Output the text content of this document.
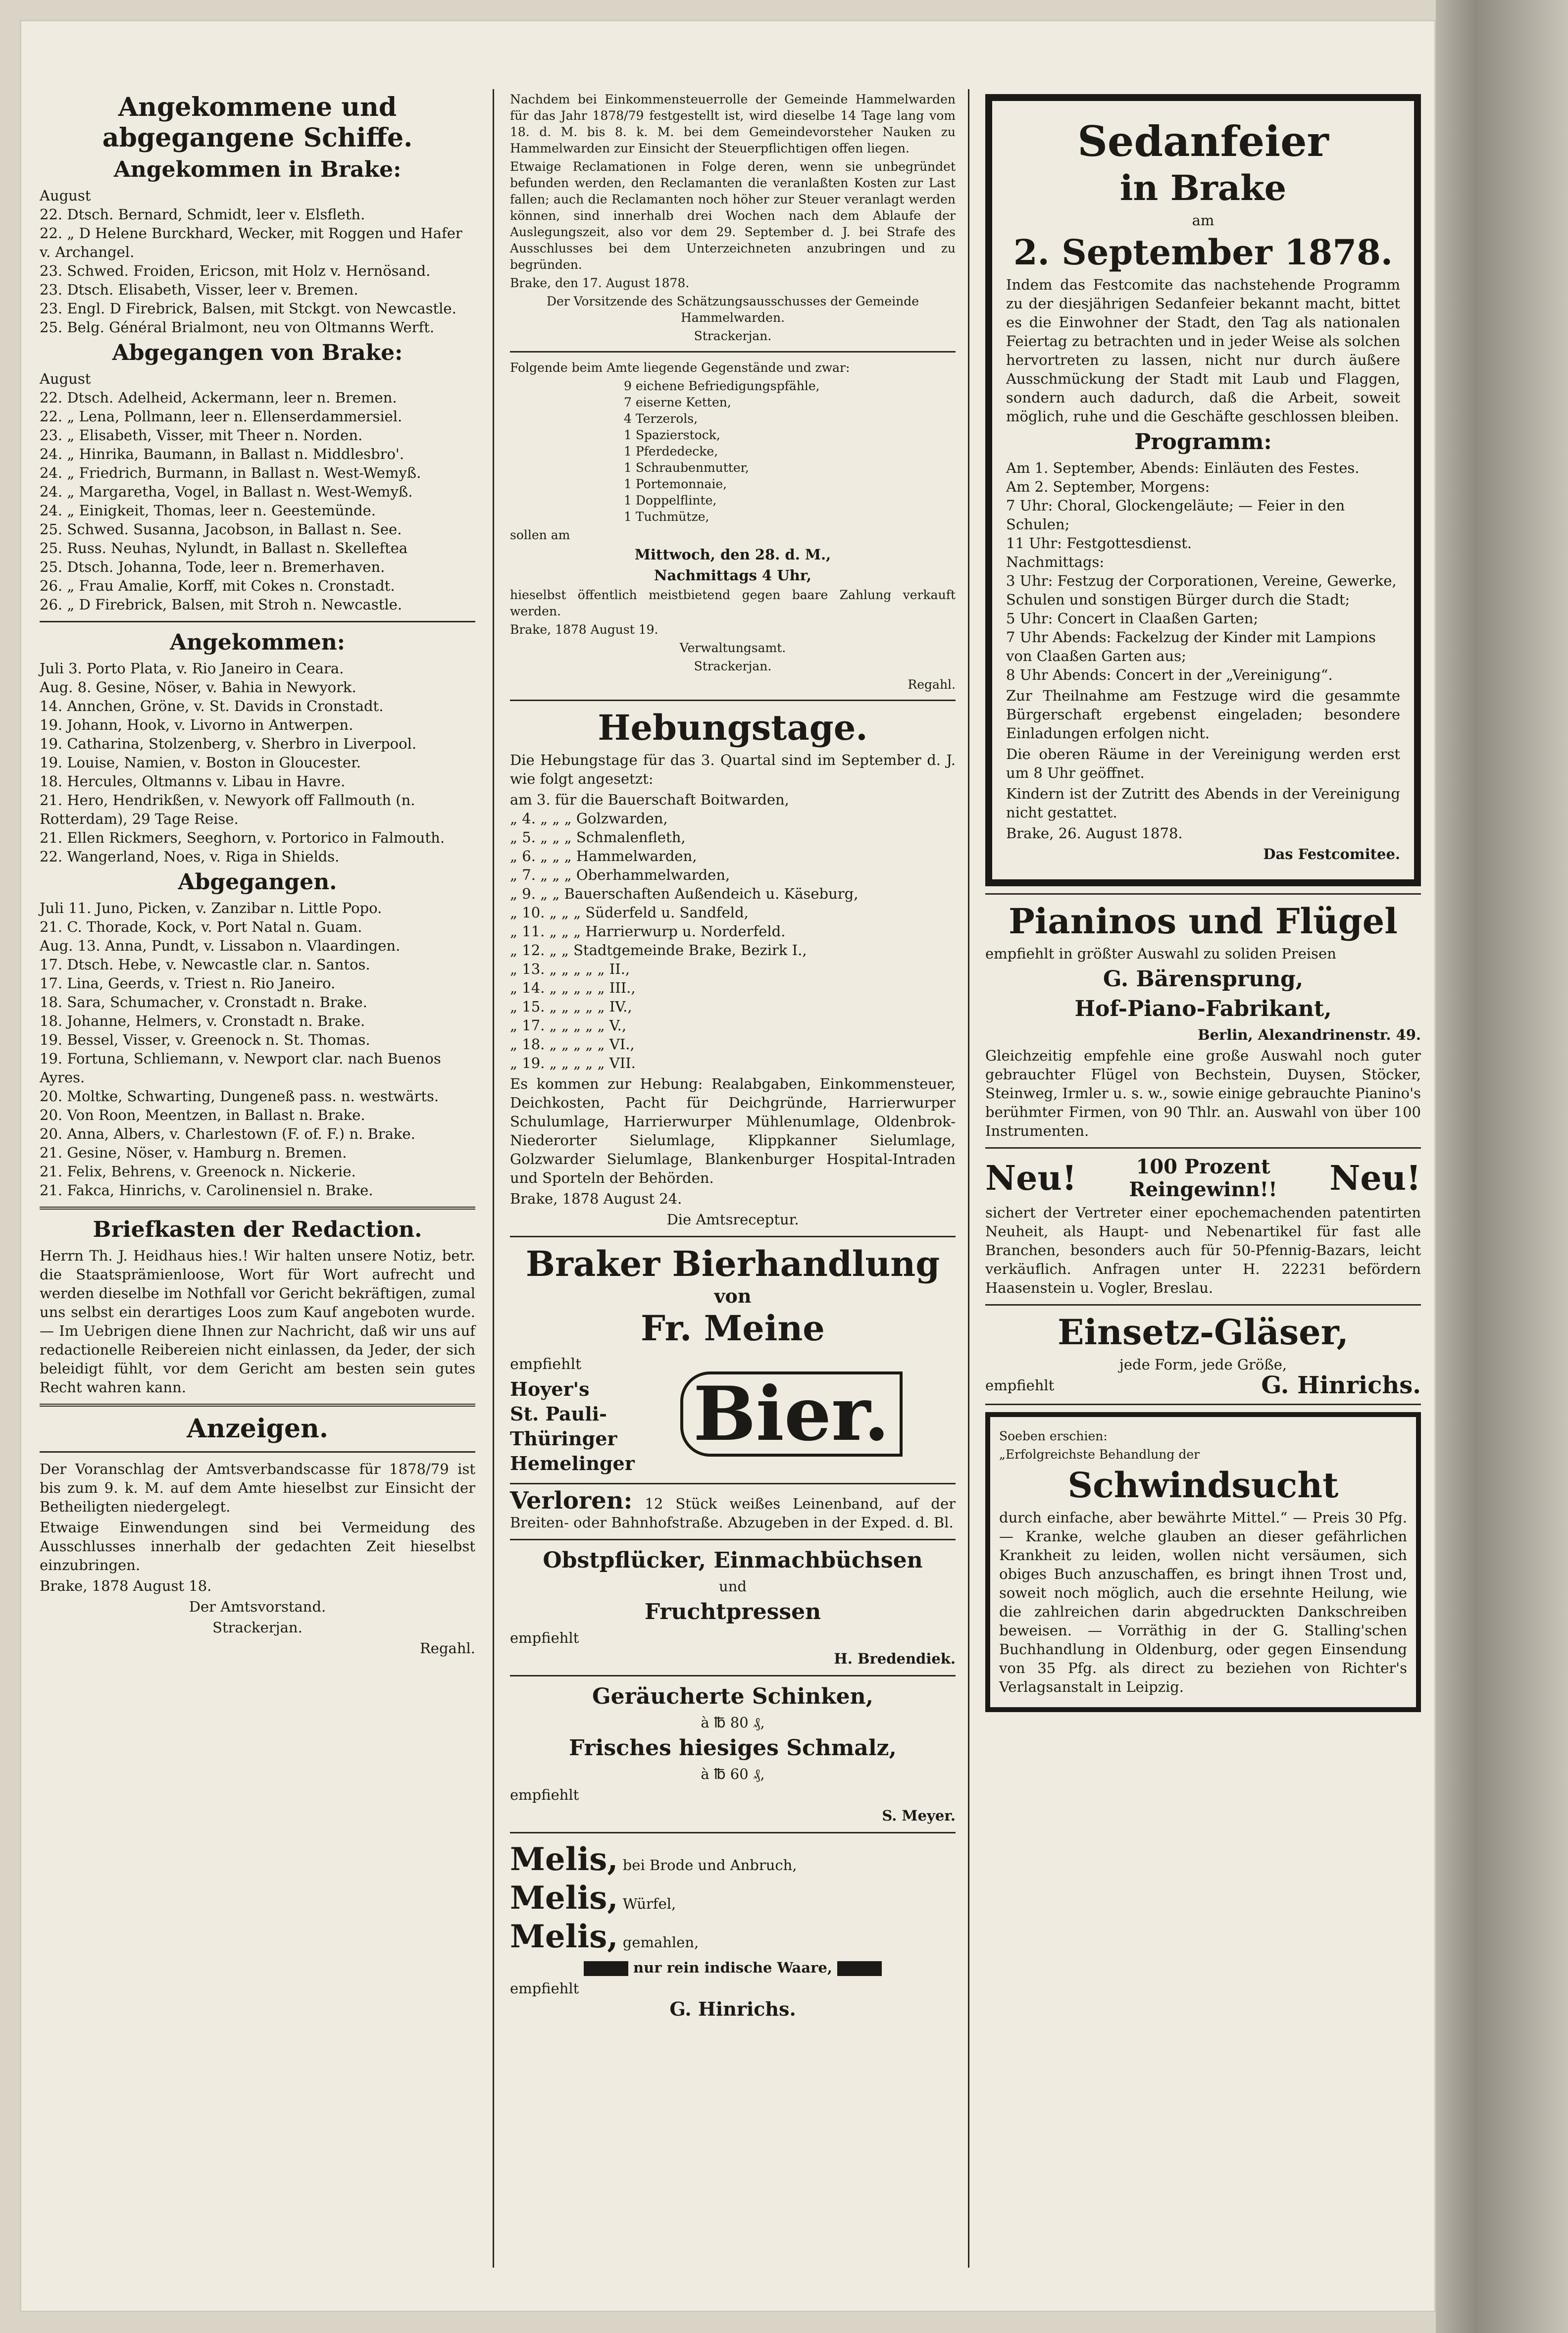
Angekommene und abgegangene Schiffe.
Angekommen in Brake:
August
22. Dtsch. Bernard, Schmidt, leer v. Elsfleth.
22. „ D Helene Burckhard, Wecker, mit Roggen und Hafer v. Archangel.
23. Schwed. Froiden, Ericson, mit Holz v. Hernösand.
23. Dtsch. Elisabeth, Visser, leer v. Bremen.
23. Engl. D Firebrick, Balsen, mit Stckgt. von Newcastle.
25. Belg. Général Brialmont, neu von Oltmanns Werft.
Abgegangen von Brake:
August
22. Dtsch. Adelheid, Ackermann, leer n. Bremen.
22. „ Lena, Pollmann, leer n. Ellenserdammersiel.
23. „ Elisabeth, Visser, mit Theer n. Norden.
24. „ Hinrika, Baumann, in Ballast n. Middlesbro'.
24. „ Friedrich, Burmann, in Ballast n. West-Wemyß.
24. „ Margaretha, Vogel, in Ballast n. West-Wemyß.
24. „ Einigkeit, Thomas, leer n. Geestemünde.
25. Schwed. Susanna, Jacobson, in Ballast n. See.
25. Russ. Neuhas, Nylundt, in Ballast n. Skelleftea
25. Dtsch. Johanna, Tode, leer n. Bremerhaven.
26. „ Frau Amalie, Korff, mit Cokes n. Cronstadt.
26. „ D Firebrick, Balsen, mit Stroh n. Newcastle.
Angekommen:
Juli 3. Porto Plata, v. Rio Janeiro in Ceara.
Aug. 8. Gesine, Nöser, v. Bahia in Newyork.
14. Annchen, Gröne, v. St. Davids in Cronstadt.
19. Johann, Hook, v. Livorno in Antwerpen.
19. Catharina, Stolzenberg, v. Sherbro in Liverpool.
19. Louise, Namien, v. Boston in Gloucester.
18. Hercules, Oltmanns v. Libau in Havre.
21. Hero, Hendrikßen, v. Newyork off Fallmouth (n. Rotterdam), 29 Tage Reise.
21. Ellen Rickmers, Seeghorn, v. Portorico in Falmouth.
22. Wangerland, Noes, v. Riga in Shields.
Abgegangen.
Juli 11. Juno, Picken, v. Zanzibar n. Little Popo.
21. C. Thorade, Kock, v. Port Natal n. Guam.
Aug. 13. Anna, Pundt, v. Lissabon n. Vlaardingen.
17. Dtsch. Hebe, v. Newcastle clar. n. Santos.
17. Lina, Geerds, v. Triest n. Rio Janeiro.
18. Sara, Schumacher, v. Cronstadt n. Brake.
18. Johanne, Helmers, v. Cronstadt n. Brake.
19. Bessel, Visser, v. Greenock n. St. Thomas.
19. Fortuna, Schliemann, v. Newport clar. nach Buenos Ayres.
20. Moltke, Schwarting, Dungeneß pass. n. westwärts.
20. Von Roon, Meentzen, in Ballast n. Brake.
20. Anna, Albers, v. Charlestown (F. of. F.) n. Brake.
21. Gesine, Nöser, v. Hamburg n. Bremen.
21. Felix, Behrens, v. Greenock n. Nickerie.
21. Fakca, Hinrichs, v. Carolinensiel n. Brake.
Briefkasten der Redaction.

Herrn Th. J. Heidhaus hies.! Wir halten unsere Notiz, betr. die Staatsprämienloose, Wort für Wort aufrecht und werden dieselbe im Nothfall vor Gericht bekräftigen, zumal uns selbst ein derartiges Loos zum Kauf angeboten wurde. — Im Uebrigen diene Ihnen zur Nachricht, daß wir uns auf redactionelle Reibereien nicht einlassen, da Jeder, der sich beleidigt fühlt, vor dem Gericht am besten sein gutes Recht wahren kann.

Anzeigen.

Der Voranschlag der Amtsverbandscasse für 1878/79 ist bis zum 9. k. M. auf dem Amte hieselbst zur Einsicht der Betheiligten niedergelegt.

Etwaige Einwendungen sind bei Vermeidung des Ausschlusses innerhalb der gedachten Zeit hieselbst einzubringen.

Brake, 1878 August 18.

Der Amtsvorstand.

Strackerjan.

Regahl.

Nachdem bei Einkommensteuerrolle der Gemeinde Hammelwarden für das Jahr 1878/79 festgestellt ist, wird dieselbe 14 Tage lang vom 18. d. M. bis 8. k. M. bei dem Gemeindevorsteher Nauken zu Hammelwarden zur Einsicht der Steuerpflichtigen offen liegen.

Etwaige Reclamationen in Folge deren, wenn sie unbegründet befunden werden, den Reclamanten die veranlaßten Kosten zur Last fallen; auch die Reclamanten noch höher zur Steuer veranlagt werden können, sind innerhalb drei Wochen nach dem Ablaufe der Auslegungszeit, also vor dem 29. September d. J. bei Strafe des Ausschlusses bei dem Unterzeichneten anzubringen und zu begründen.

Brake, den 17. August 1878.

Der Vorsitzende des Schätzungsausschusses der Gemeinde Hammelwarden.

Strackerjan.

Folgende beim Amte liegende Gegenstände und zwar:

9 eichene Befriedigungspfähle,
7 eiserne Ketten,
4 Terzerols,
1 Spazierstock,
1 Pferdedecke,
1 Schraubenmutter,
1 Portemonnaie,
1 Doppelflinte,
1 Tuchmütze,

sollen am

Mittwoch, den 28. d. M.,

Nachmittags 4 Uhr,

hieselbst öffentlich meistbietend gegen baare Zahlung verkauft werden.

Brake, 1878 August 19.

Verwaltungsamt.

Strackerjan.

Regahl.

Hebungstage.

Die Hebungstage für das 3. Quartal sind im September d. J. wie folgt angesetzt:

am 3. für die Bauerschaft Boitwarden,
„ 4. „ „ „ Golzwarden,
„ 5. „ „ „ Schmalenfleth,
„ 6. „ „ „ Hammelwarden,
„ 7. „ „ „ Oberhammelwarden,
„ 9. „ „ Bauerschaften Außendeich u. Käseburg,
„ 10. „ „ „ Süderfeld u. Sandfeld,
„ 11. „ „ „ Harrierwurp u. Norderfeld.
„ 12. „ „ Stadtgemeinde Brake, Bezirk I.,
„ 13. „ „ „ „ „ II.,
„ 14. „ „ „ „ „ III.,
„ 15. „ „ „ „ „ IV.,
„ 17. „ „ „ „ „ V.,
„ 18. „ „ „ „ „ VI.,
„ 19. „ „ „ „ „ VII.

Es kommen zur Hebung: Realabgaben, Einkommensteuer, Deichkosten, Pacht für Deichgründe, Harrierwurper Schulumlage, Harrierwurper Mühlenumlage, Oldenbrok-Niederorter Sielumlage, Klippkanner Sielumlage, Golzwarder Sielumlage, Blankenburger Hospital-Intraden und Sporteln der Behörden.

Brake, 1878 August 24.

Die Amtsreceptur.

Braker Bierhandlung

von

Fr. Meine
empfiehlt
Hoyer's
St. Pauli-
Thüringer
Hemelinger
Bier.

Verloren: 12 Stück weißes Leinenband, auf der Breiten- oder Bahnhofstraße. Abzugeben in der Exped. d. Bl.

Obstpflücker, Einmachbüchsen

und

Fruchtpressen

empfiehlt

H. Bredendiek.

Geräucherte Schinken,

à ℔ 80 ₰,

Frisches hiesiges Schmalz,

à ℔ 60 ₰,

empfiehlt

S. Meyer.

Melis, bei Brode und Anbruch,
Melis, Würfel,
Melis, gemahlen,

nur rein indische Waare,

empfiehlt

G. Hinrichs.

Sedanfeier
in Brake

am

2. September 1878.

Indem das Festcomite das nachstehende Programm zu der diesjährigen Sedanfeier bekannt macht, bittet es die Einwohner der Stadt, den Tag als nationalen Feiertag zu betrachten und in jeder Weise als solchen hervortreten zu lassen, nicht nur durch äußere Ausschmückung der Stadt mit Laub und Flaggen, sondern auch dadurch, daß die Arbeit, soweit möglich, ruhe und die Geschäfte geschlossen bleiben.

Programm:
Am 1. September, Abends: Einläuten des Festes.
Am 2. September, Morgens:
7 Uhr: Choral, Glockengeläute; — Feier in den Schulen;
11 Uhr: Festgottesdienst.
Nachmittags:
3 Uhr: Festzug der Corporationen, Vereine, Gewerke, Schulen und sonstigen Bürger durch die Stadt;
5 Uhr: Concert in Claaßen Garten;
7 Uhr Abends: Fackelzug der Kinder mit Lampions von Claaßen Garten aus;
8 Uhr Abends: Concert in der „Vereinigung“.

Zur Theilnahme am Festzuge wird die gesammte Bürgerschaft ergebenst eingeladen; besondere Einladungen erfolgen nicht.

Die oberen Räume in der Vereinigung werden erst um 8 Uhr geöffnet.

Kindern ist der Zutritt des Abends in der Vereinigung nicht gestattet.

Brake, 26. August 1878.

Das Festcomitee.

Pianinos und Flügel

empfiehlt in größter Auswahl zu soliden Preisen

G. Bärensprung,
Hof-Piano-Fabrikant,

Berlin, Alexandrinenstr. 49.

Gleichzeitig empfehle eine große Auswahl noch guter gebrauchter Flügel von Bechstein, Duysen, Stöcker, Steinweg, Irmler u. s. w., sowie einige gebrauchte Pianino's berühmter Firmen, von 90 Thlr. an. Auswahl von über 100 Instrumenten.

Neu!	100 Prozent
Reingewinn!! Neu!

sichert der Vertreter einer epochemachenden patentirten Neuheit, als Haupt- und Nebenartikel für fast alle Branchen, besonders auch für 50-Pfennig-Bazars, leicht verkäuflich. Anfragen unter H. 22231 befördern Haasenstein u. Vogler, Breslau.

Einsetz-Gläser,

jede Form, jede Größe,

empfiehlt	G. Hinrichs.

Soeben erschien:

„Erfolgreichste Behandlung der

Schwindsucht

durch einfache, aber bewährte Mittel.“ — Preis 30 Pfg. — Kranke, welche glauben an dieser gefährlichen Krankheit zu leiden, wollen nicht versäumen, sich obiges Buch anzuschaffen, es bringt ihnen Trost und, soweit noch möglich, auch die ersehnte Heilung, wie die zahlreichen darin abgedruckten Dankschreiben beweisen. — Vorräthig in der G. Stalling'schen Buchhandlung in Oldenburg, oder gegen Einsendung von 35 Pfg. als direct zu beziehen von Richter's Verlagsanstalt in Leipzig.
